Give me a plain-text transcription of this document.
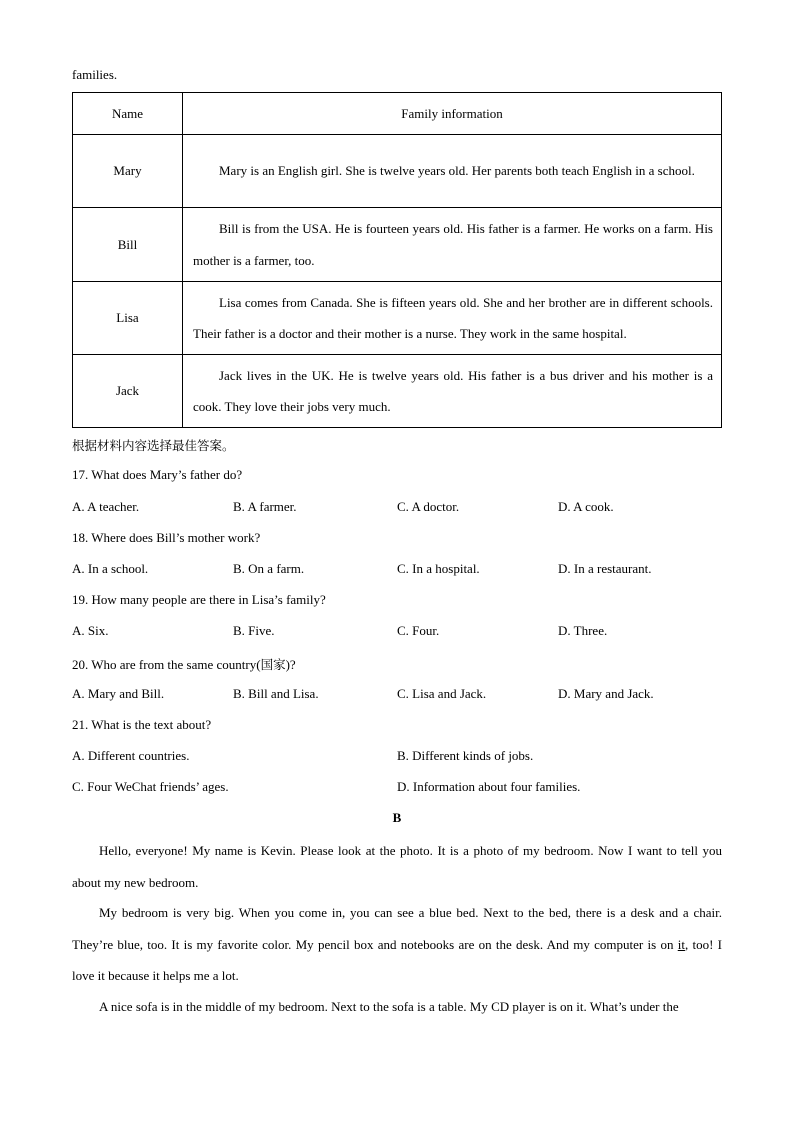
families.
Name	Family information
Mary	Mary is an English girl. She is twelve years old. Her parents both teach English in a school.
Bill	Bill is from the USA. He is fourteen years old. His father is a farmer. He works on a farm. His mother is a farmer, too.
Lisa	Lisa comes from Canada. She is fifteen years old. She and her brother are in different schools. Their father is a doctor and their mother is a nurse. They work in the same hospital.
Jack	Jack lives in the UK. He is twelve years old. His father is a bus driver and his mother is a cook. They love their jobs very much.
根据材料内容选择最佳答案。
17. What does Mary’s father do?
A. A teacher.	B. A farmer.	C. A doctor.	D. A cook.
18. Where does Bill’s mother work?
A. In a school.	B. On a farm.	C. In a hospital.	D. In a restaurant.
19. How many people are there in Lisa’s family?
A. Six.	B. Five.	C. Four.	D. Three.
20. Who are from the same country(国家)?
A. Mary and Bill.	B. Bill and Lisa.	C. Lisa and Jack.	D. Mary and Jack.
21. What is the text about?
A. Different countries.	B. Different kinds of jobs.
C. Four WeChat friends’ ages.	D. Information about four families.
B
Hello, everyone! My name is Kevin. Please look at the photo. It is a photo of my bedroom. Now I want to tell you about my new bedroom.
My bedroom is very big. When you come in, you can see a blue bed. Next to the bed, there is a desk and a chair. They’re blue, too. It is my favorite color. My pencil box and notebooks are on the desk. And my computer is on it, too! I love it because it helps me a lot.
A nice sofa is in the middle of my bedroom. Next to the sofa is a table. My CD player is on it. What’s under the
